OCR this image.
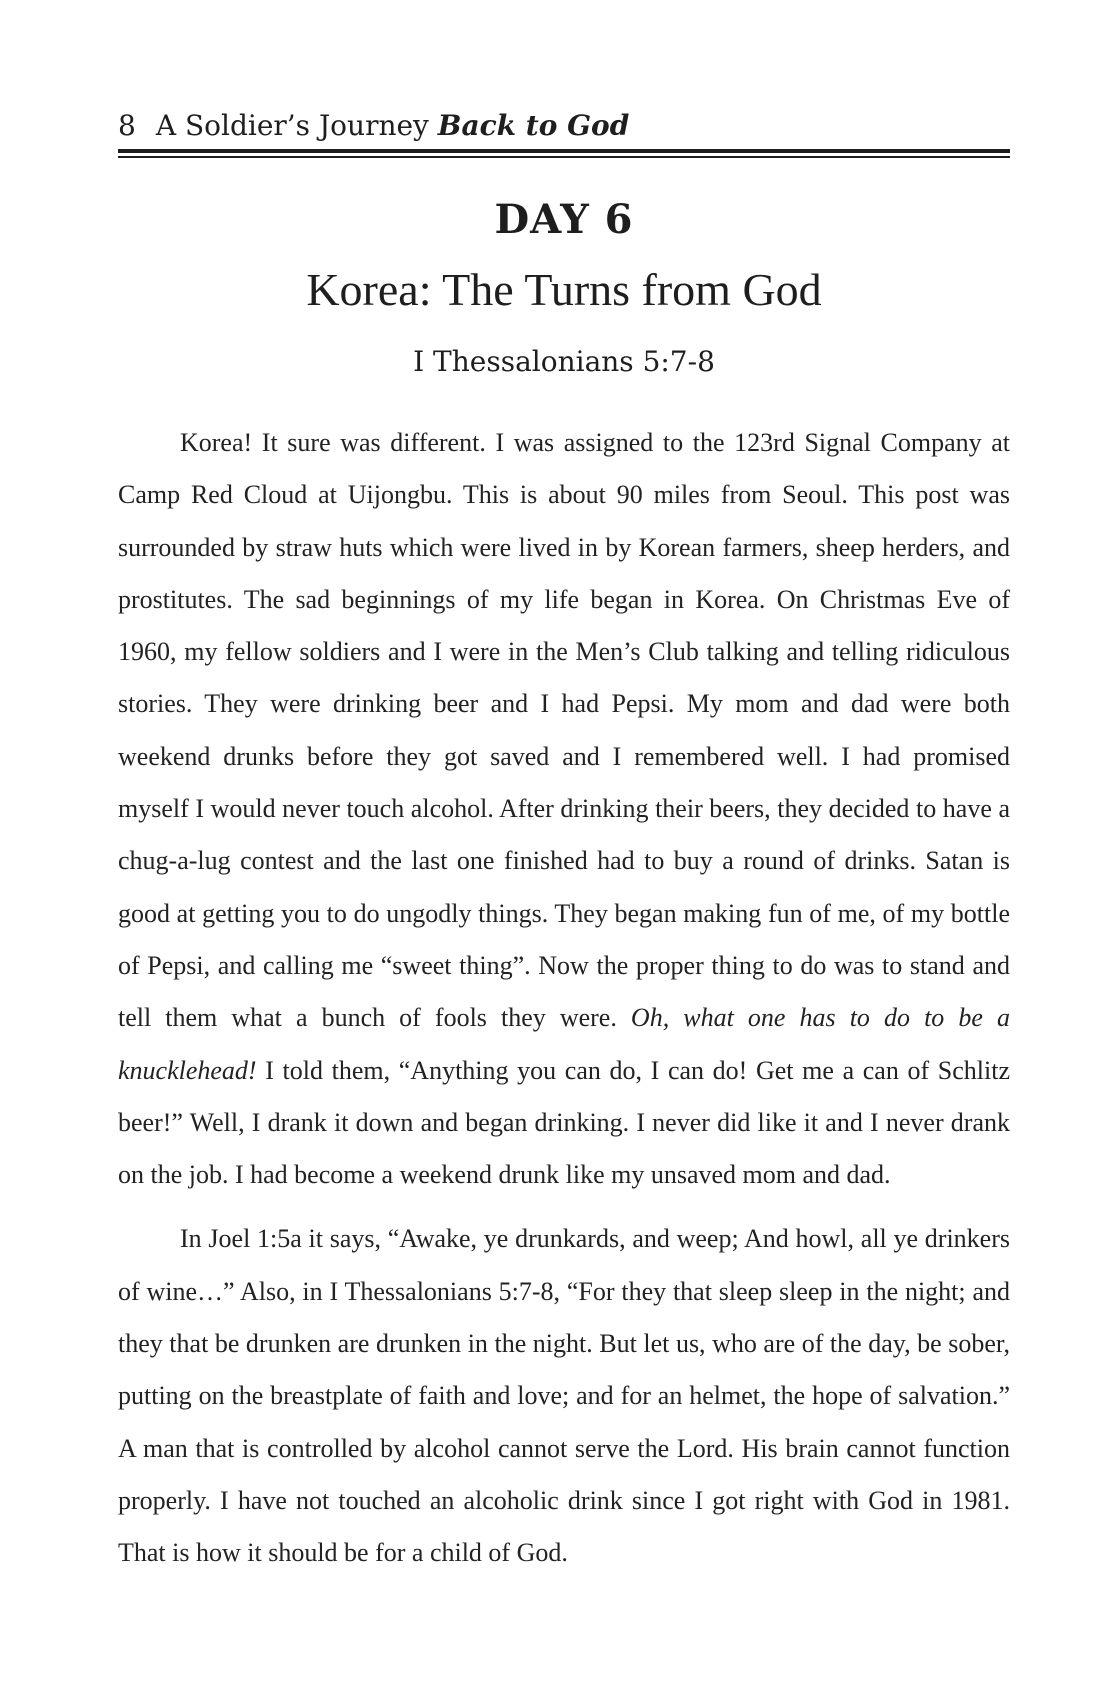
8 A Soldier’s Journey Back to God
DAY 6
Korea: The Turns from God
I Thessalonians 5:7-8

Korea! It sure was different. I was assigned to the 123rd Signal Company at Camp Red Cloud at Uijongbu. This is about 90 miles from Seoul. This post was surrounded by straw huts which were lived in by Korean farmers, sheep herders, and prostitutes. The sad beginnings of my life began in Korea. On Christmas Eve of 1960, my fellow soldiers and I were in the Men’s Club talking and telling ridiculous stories. They were drinking beer and I had Pepsi. My mom and dad were both weekend drunks before they got saved and I remembered well. I had promised myself I would never touch alcohol. After drinking their beers, they decided to have a chug-a-lug contest and the last one finished had to buy a round of drinks. Satan is good at getting you to do ungodly things. They began making fun of me, of my bottle of Pepsi, and calling me “sweet thing”. Now the proper thing to do was to stand and tell them what a bunch of fools they were. Oh, what one has to do to be a knucklehead! I told them, “Anything you can do, I can do! Get me a can of Schlitz beer!” Well, I drank it down and began drinking. I never did like it and I never drank on the job. I had become a weekend drunk like my unsaved mom and dad.

In Joel 1:5a it says, “Awake, ye drunkards, and weep; And howl, all ye drinkers of wine…” Also, in I Thessalonians 5:7-8, “For they that sleep sleep in the night; and they that be drunken are drunken in the night. But let us, who are of the day, be sober, putting on the breastplate of faith and love; and for an helmet, the hope of salvation.” A man that is controlled by alcohol cannot serve the Lord. His brain cannot function properly. I have not touched an alcoholic drink since I got right with God in 1981. That is how it should be for a child of God.
